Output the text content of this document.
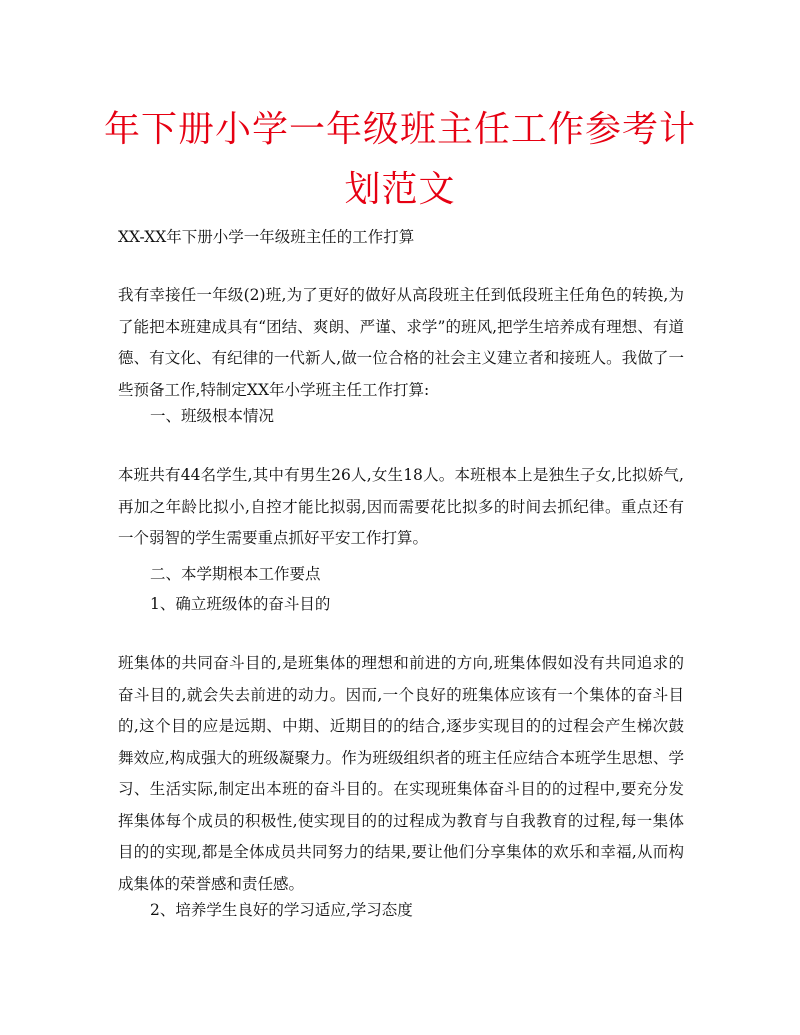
年下册小学一年级班主任工作参考计划范文
XX-XX年下册小学一年级班主任的工作打算
我有幸接任一年级(2)班,为了更好的做好从高段班主任到低段班主任角色的转换,为了能把本班建成具有“团结、爽朗、严谨、求学”的班风,把学生培养成有理想、有道德、有文化、有纪律的一代新人,做一位合格的社会主义建立者和接班人。我做了一些预备工作,特制定XX年小学班主任工作打算:
一、班级根本情况
本班共有44名学生,其中有男生26人,女生18人。本班根本上是独生子女,比拟娇气,再加之年龄比拟小,自控才能比拟弱,因而需要花比拟多的时间去抓纪律。重点还有一个弱智的学生需要重点抓好平安工作打算。
二、本学期根本工作要点
1、确立班级体的奋斗目的
班集体的共同奋斗目的,是班集体的理想和前进的方向,班集体假如没有共同追求的奋斗目的,就会失去前进的动力。因而,一个良好的班集体应该有一个集体的奋斗目的,这个目的应是远期、中期、近期目的的结合,逐步实现目的的过程会产生梯次鼓舞效应,构成强大的班级凝聚力。作为班级组织者的班主任应结合本班学生思想、学习、生活实际,制定出本班的奋斗目的。在实现班集体奋斗目的的过程中,要充分发挥集体每个成员的积极性,使实现目的的过程成为教育与自我教育的过程,每一集体目的的实现,都是全体成员共同努力的结果,要让他们分享集体的欢乐和幸福,从而构成集体的荣誉感和责任感。
2、培养学生良好的学习适应,学习态度
